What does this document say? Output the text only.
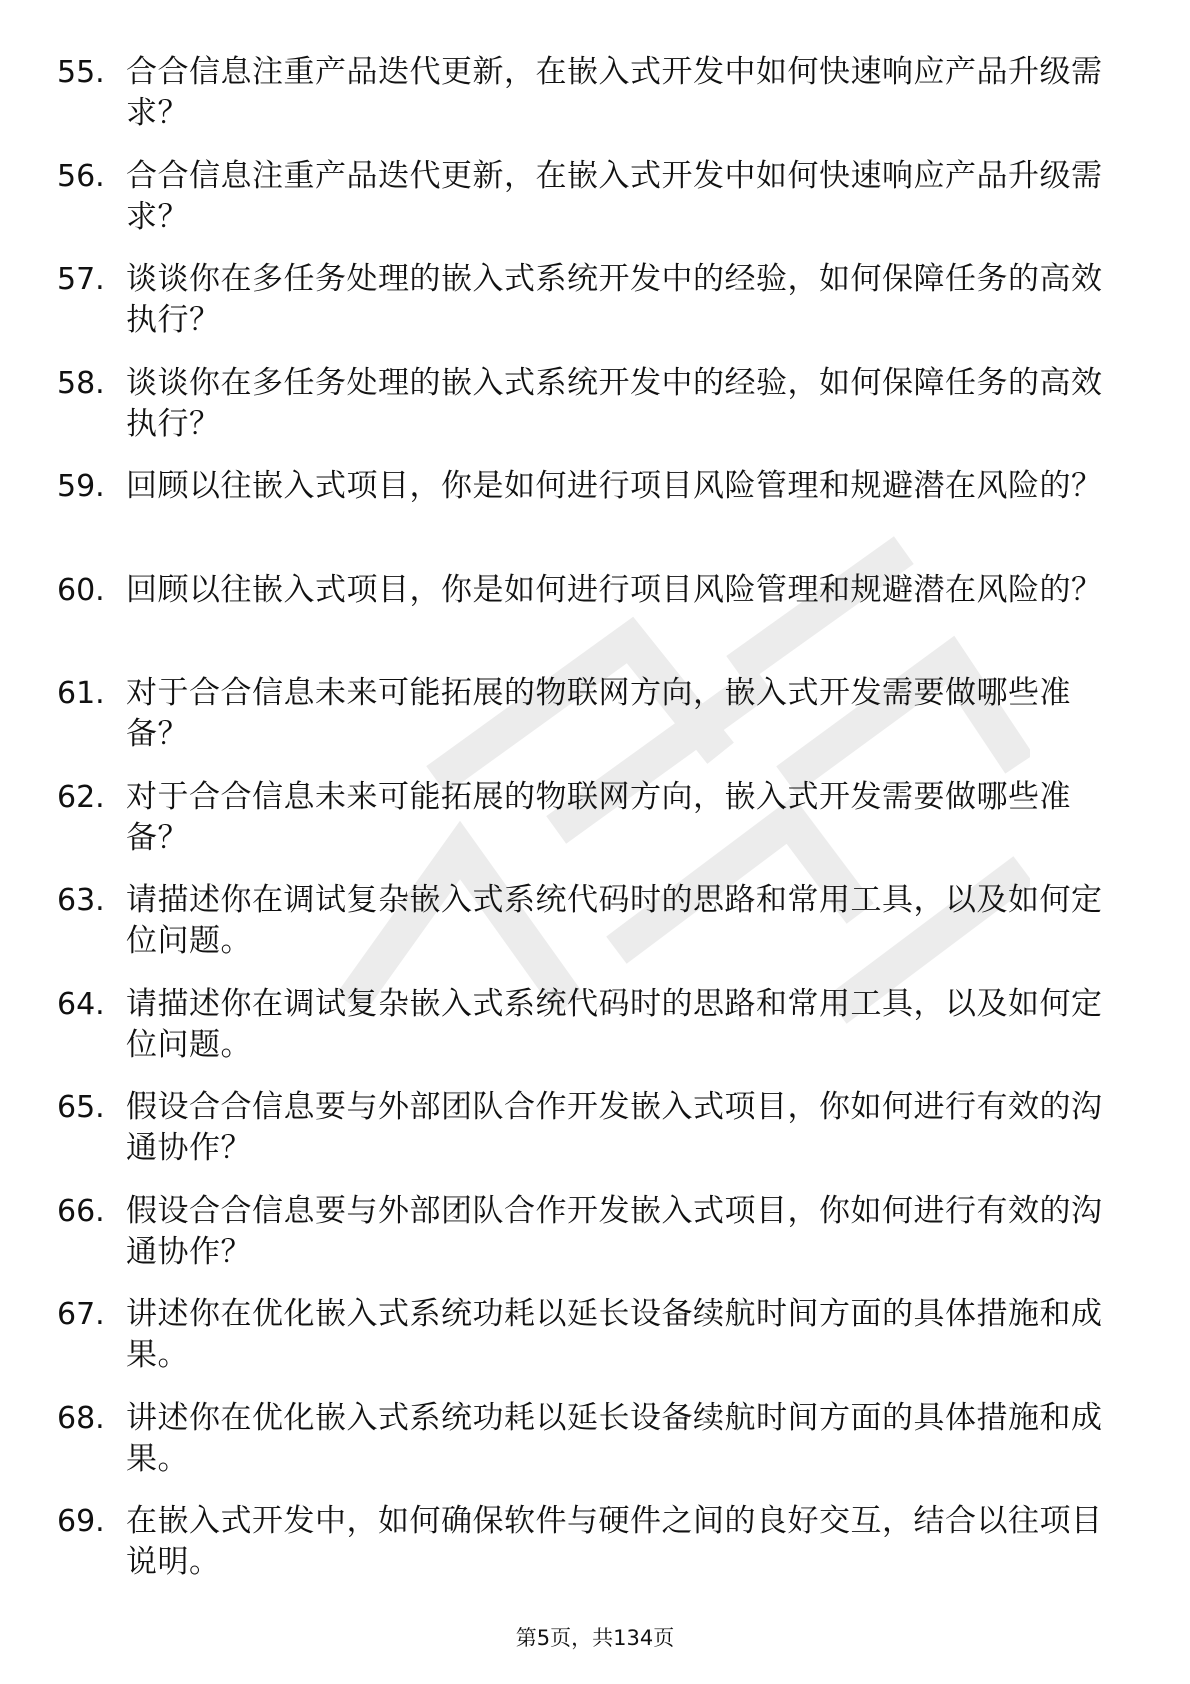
55. 合合信息注重产品迭代更新，在嵌入式开发中如何快速响应产品升级需求？
56. 合合信息注重产品迭代更新，在嵌入式开发中如何快速响应产品升级需求？
57. 谈谈你在多任务处理的嵌入式系统开发中的经验，如何保障任务的高效执行？
58. 谈谈你在多任务处理的嵌入式系统开发中的经验，如何保障任务的高效执行？
59. 回顾以往嵌入式项目，你是如何进行项目风险管理和规避潜在风险的？
60. 回顾以往嵌入式项目，你是如何进行项目风险管理和规避潜在风险的？
61. 对于合合信息未来可能拓展的物联网方向，嵌入式开发需要做哪些准备？
62. 对于合合信息未来可能拓展的物联网方向，嵌入式开发需要做哪些准备？
63. 请描述你在调试复杂嵌入式系统代码时的思路和常用工具，以及如何定位问题。
64. 请描述你在调试复杂嵌入式系统代码时的思路和常用工具，以及如何定位问题。
65. 假设合合信息要与外部团队合作开发嵌入式项目，你如何进行有效的沟通协作？
66. 假设合合信息要与外部团队合作开发嵌入式项目，你如何进行有效的沟通协作？
67. 讲述你在优化嵌入式系统功耗以延长设备续航时间方面的具体措施和成果。
68. 讲述你在优化嵌入式系统功耗以延长设备续航时间方面的具体措施和成果。
69. 在嵌入式开发中，如何确保软件与硬件之间的良好交互，结合以往项目说明。
第5页，共134页
